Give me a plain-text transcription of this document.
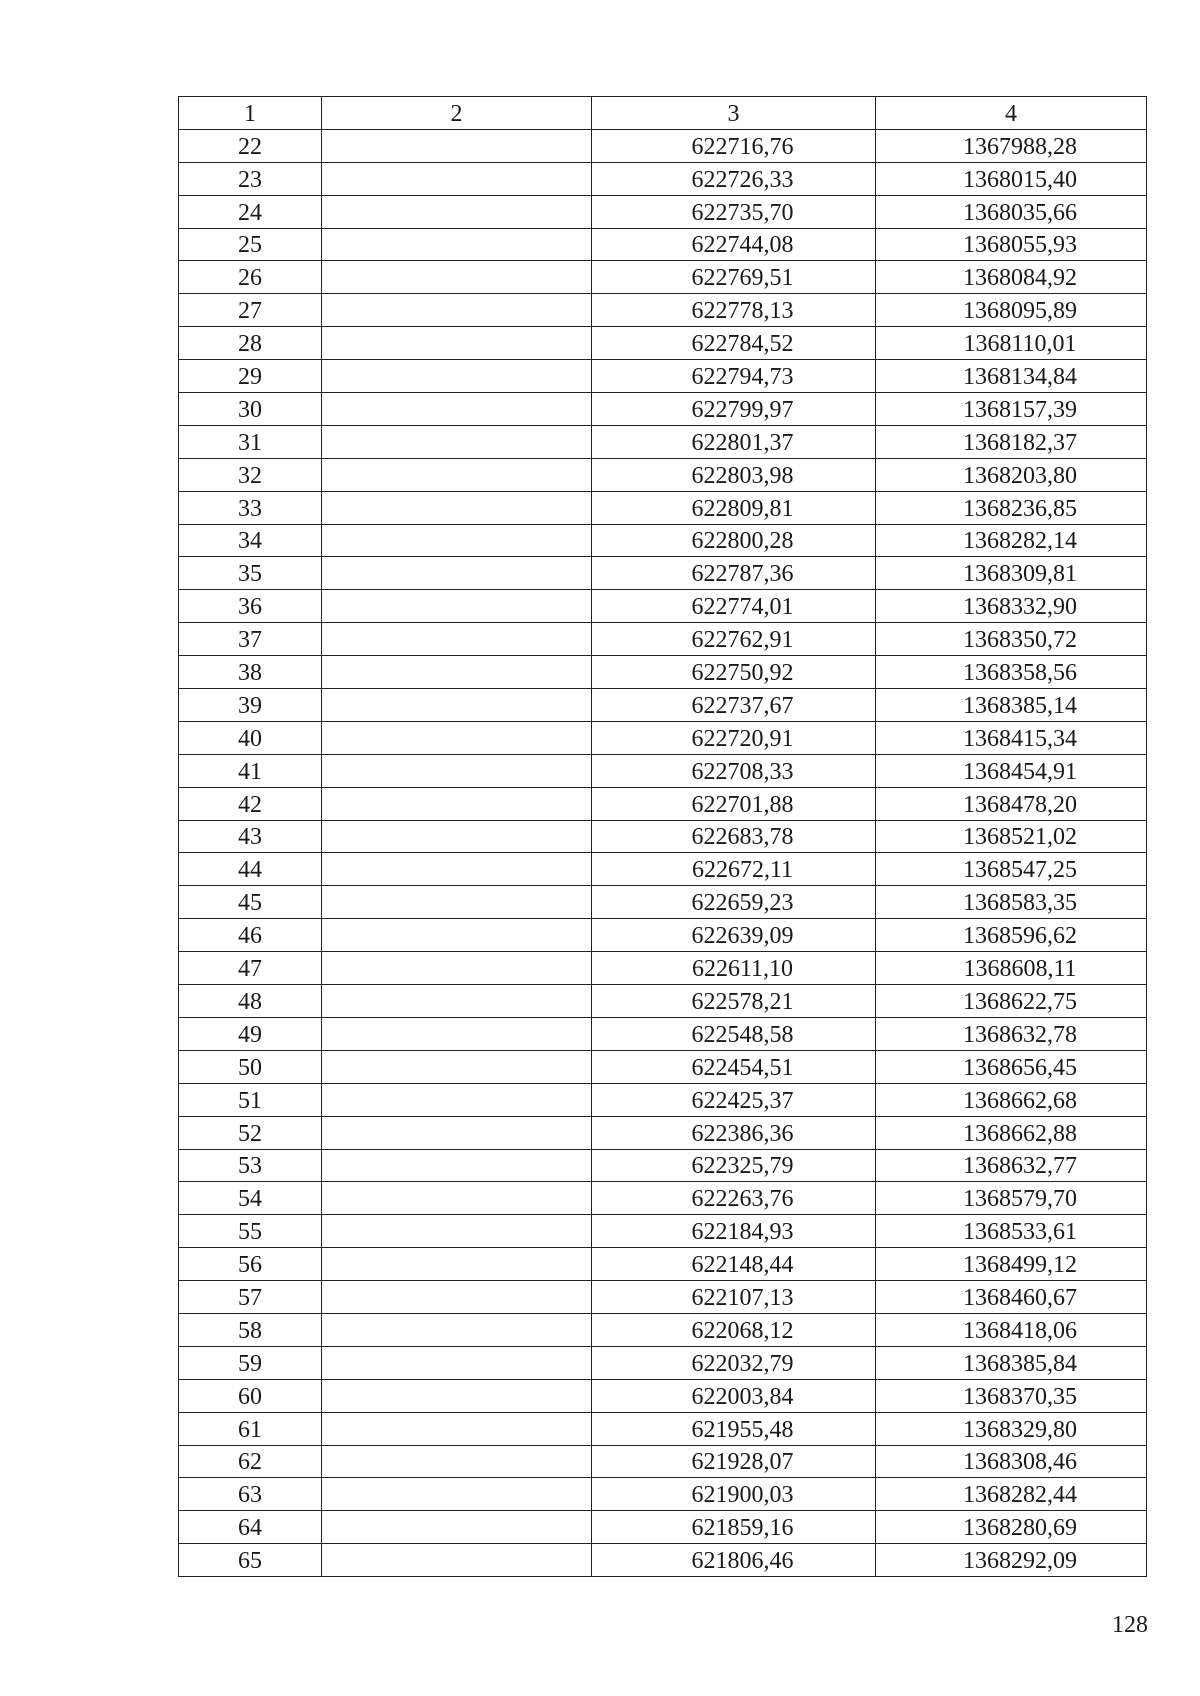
1	2	3	4
22		622716,76	1367988,28
23		622726,33	1368015,40
24		622735,70	1368035,66
25		622744,08	1368055,93
26		622769,51	1368084,92
27		622778,13	1368095,89
28		622784,52	1368110,01
29		622794,73	1368134,84
30		622799,97	1368157,39
31		622801,37	1368182,37
32		622803,98	1368203,80
33		622809,81	1368236,85
34		622800,28	1368282,14
35		622787,36	1368309,81
36		622774,01	1368332,90
37		622762,91	1368350,72
38		622750,92	1368358,56
39		622737,67	1368385,14
40		622720,91	1368415,34
41		622708,33	1368454,91
42		622701,88	1368478,20
43		622683,78	1368521,02
44		622672,11	1368547,25
45		622659,23	1368583,35
46		622639,09	1368596,62
47		622611,10	1368608,11
48		622578,21	1368622,75
49		622548,58	1368632,78
50		622454,51	1368656,45
51		622425,37	1368662,68
52		622386,36	1368662,88
53		622325,79	1368632,77
54		622263,76	1368579,70
55		622184,93	1368533,61
56		622148,44	1368499,12
57		622107,13	1368460,67
58		622068,12	1368418,06
59		622032,79	1368385,84
60		622003,84	1368370,35
61		621955,48	1368329,80
62		621928,07	1368308,46
63		621900,03	1368282,44
64		621859,16	1368280,69
65		621806,46	1368292,09
128
